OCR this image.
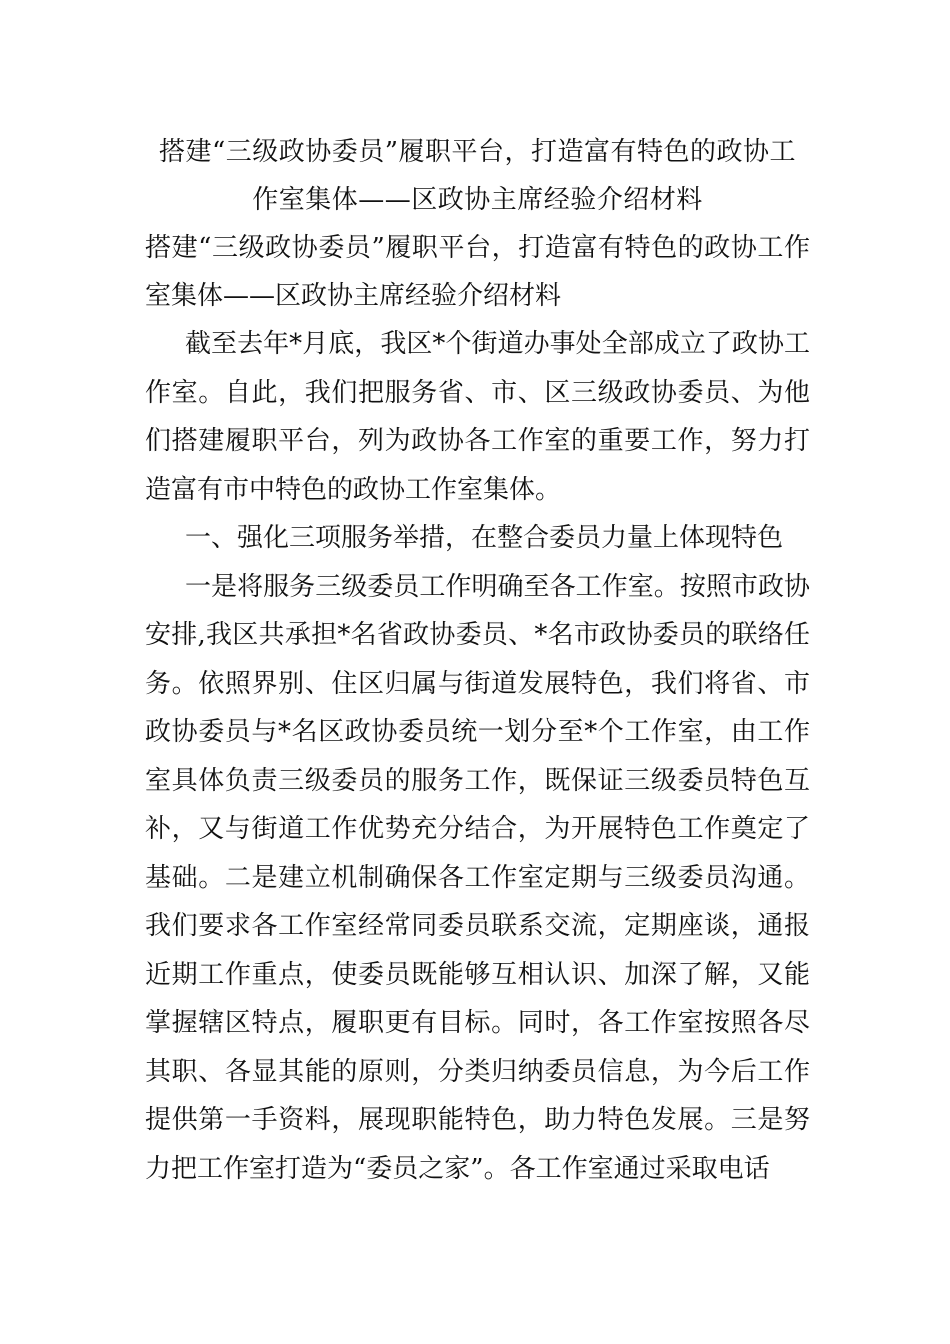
搭建“三级政协委员”履职平台，打造富有特色的政协工

作室集体——区政协主席经验介绍材料

搭建“三级政协委员”履职平台，打造富有特色的政协工作室集体——区政协主席经验介绍材料

截至去年*月底，我区*个街道办事处全部成立了政协工作室。自此，我们把服务省、市、区三级政协委员、为他们搭建履职平台，列为政协各工作室的重要工作，努力打造富有市中特色的政协工作室集体。

一、强化三项服务举措，在整合委员力量上体现特色

一是将服务三级委员工作明确至各工作室。按照市政协安排,我区共承担*名省政协委员、*名市政协委员的联络任务。依照界别、住区归属与街道发展特色，我们将省、市政协委员与*名区政协委员统一划分至*个工作室，由工作室具体负责三级委员的服务工作，既保证三级委员特色互补，又与街道工作优势充分结合，为开展特色工作奠定了基础。二是建立机制确保各工作室定期与三级委员沟通。我们要求各工作室经常同委员联系交流，定期座谈，通报近期工作重点，使委员既能够互相认识、加深了解，又能掌握辖区特点，履职更有目标。同时，各工作室按照各尽其职、各显其能的原则，分类归纳委员信息，为今后工作提供第一手资料，展现职能特色，助力特色发展。三是努力把工作室打造为“委员之家”。各工作室通过采取电话
